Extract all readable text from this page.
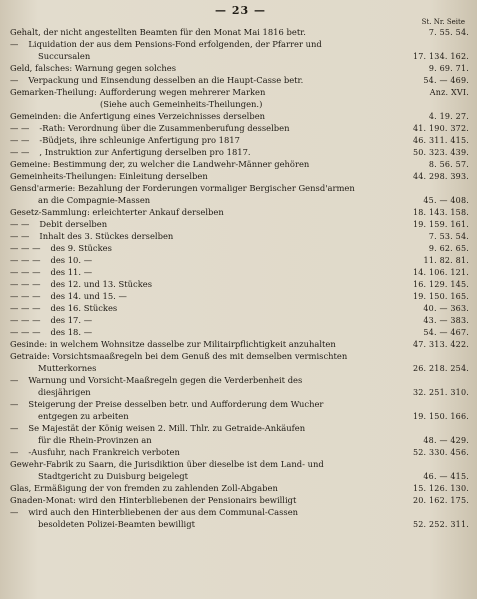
— 23 —
St. Nr. Seite
Gehalt, der nicht angestellten Beamten für den Monat Mai 1816 betr.	7. 55. 54.
— Liquidation der aus dem Pensions-Fond erfolgenden, der Pfarrer und
Succursalen	17. 134. 162.
Geld, falsches: Warnung gegen solches	9. 69. 71.
— Verpackung und Einsendung desselben an die Haupt-Casse betr.	54. — 469.
Gemarken-Theilung: Aufforderung wegen mehrerer Marken	Anz. XVI.
(Siehe auch Gemeinheits-Theilungen.)
Gemeinden: die Anfertigung eines Verzeichnisses derselben	4. 19. 27.
— — -Rath: Verordnung über die Zusammenberufung desselben	41. 190. 372.
— — -Büdjets, ihre schleunige Anfertigung pro 1817	46. 311. 415.
— — , Instruktion zur Anfertigung derselben pro 1817.	50. 323. 439.
Gemeine: Bestimmung der, zu welcher die Landwehr-Männer gehören	8. 56. 57.
Gemeinheits-Theilungen: Einleitung derselben	44. 298. 393.
Gensd'armerie: Bezahlung der Forderungen vormaliger Bergischer Gensd'armen
an die Compagnie-Massen	45. — 408.
Gesetz-Sammlung: erleichterter Ankauf derselben	18. 143. 158.
— — Debit derselben	19. 159. 161.
— — Inhalt des 3. Stückes derselben	7. 53. 54.
— — — des 9. Stückes	9. 62. 65.
— — — des 10. —	11. 82. 81.
— — — des 11. —	14. 106. 121.
— — — des 12. und 13. Stückes	16. 129. 145.
— — — des 14. und 15. —	19. 150. 165.
— — — des 16. Stückes	40. — 363.
— — — des 17. —	43. — 383.
— — — des 18. —	54. — 467.
Gesinde: in welchem Wohnsitze dasselbe zur Militairpflichtigkeit anzuhalten	47. 313. 422.
Getraide: Vorsichtsmaaßregeln bei dem Genuß des mit demselben vermischten
Mutterkornes	26. 218. 254.
— Warnung und Vorsicht-Maaßregeln gegen die Verderbenheit des
diesjährigen	32. 251. 310.
— Steigerung der Preise desselben betr. und Aufforderung dem Wucher
entgegen zu arbeiten	19. 150. 166.
— Se Majestät der König weisen 2. Mill. Thlr. zu Getraide-Ankäufen
für die Rhein-Provinzen an	48. — 429.
— -Ausfuhr, nach Frankreich verboten	52. 330. 456.
Gewehr-Fabrik zu Saarn, die Jurisdiktion über dieselbe ist dem Land- und
Stadtgericht zu Duisburg beigelegt	46. — 415.
Glas, Ermäßigung der von fremden zu zahlenden Zoll-Abgaben	15. 126. 130.
Gnaden-Monat: wird den Hinterbliebenen der Pensionairs bewilligt	20. 162. 175.
— wird auch den Hinterbliebenen der aus dem Communal-Cassen
besoldeten Polizei-Beamten bewilligt	52. 252. 311.
